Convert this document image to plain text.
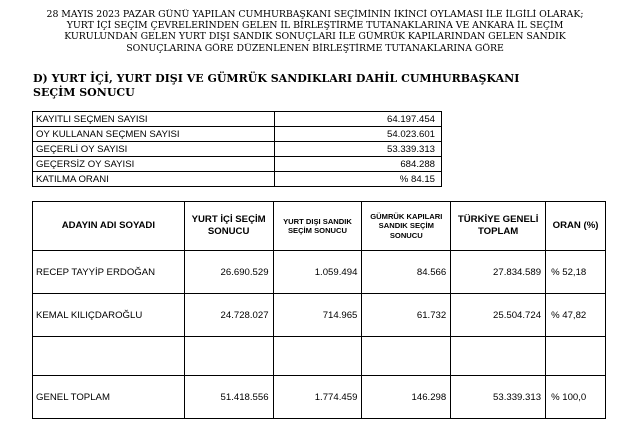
28 MAYIS 2023 PAZAR GÜNÜ YAPILAN CUMHURBAŞKANI SEÇİMİNİN İKİNCİ OYLAMASI İLE İLGİLİ OLARAK;
YURT İÇİ SEÇİM ÇEVRELERİNDEN GELEN İL BİRLEŞTİRME TUTANAKLARINA VE ANKARA İL SEÇİM
KURULUNDAN GELEN YURT DIŞI SANDIK SONUÇLARI İLE GÜMRÜK KAPILARINDAN GELEN SANDIK
SONUÇLARINA GÖRE DÜZENLENEN BİRLEŞTİRME TUTANAKLARINA GÖRE
D) YURT İÇİ, YURT DIŞI VE GÜMRÜK SANDIKLARI DAHİL CUMHURBAŞKANI
SEÇİM SONUCU
KAYITLI SEÇMEN SAYISI	64.197.454
OY KULLANAN SEÇMEN SAYISI	54.023.601
GEÇERLİ OY SAYISI	53.339.313
GEÇERSİZ OY SAYISI	684.288
KATILMA ORANI	% 84.15
ADAYIN ADI SOYADI	YURT İÇİ SEÇİM SONUCU	YURT DIŞI SANDIK SEÇİM SONUCU	GÜMRÜK KAPILARI SANDIK SEÇİM SONUCU	TÜRKİYE GENELİ TOPLAM	ORAN (%)
RECEP TAYYİP ERDOĞAN	26.690.529	1.059.494	84.566	27.834.589	% 52,18
KEMAL KILIÇDAROĞLU	24.728.027	714.965	61.732	25.504.724	% 47,82

GENEL TOPLAM	51.418.556	1.774.459	146.298	53.339.313	% 100,0
